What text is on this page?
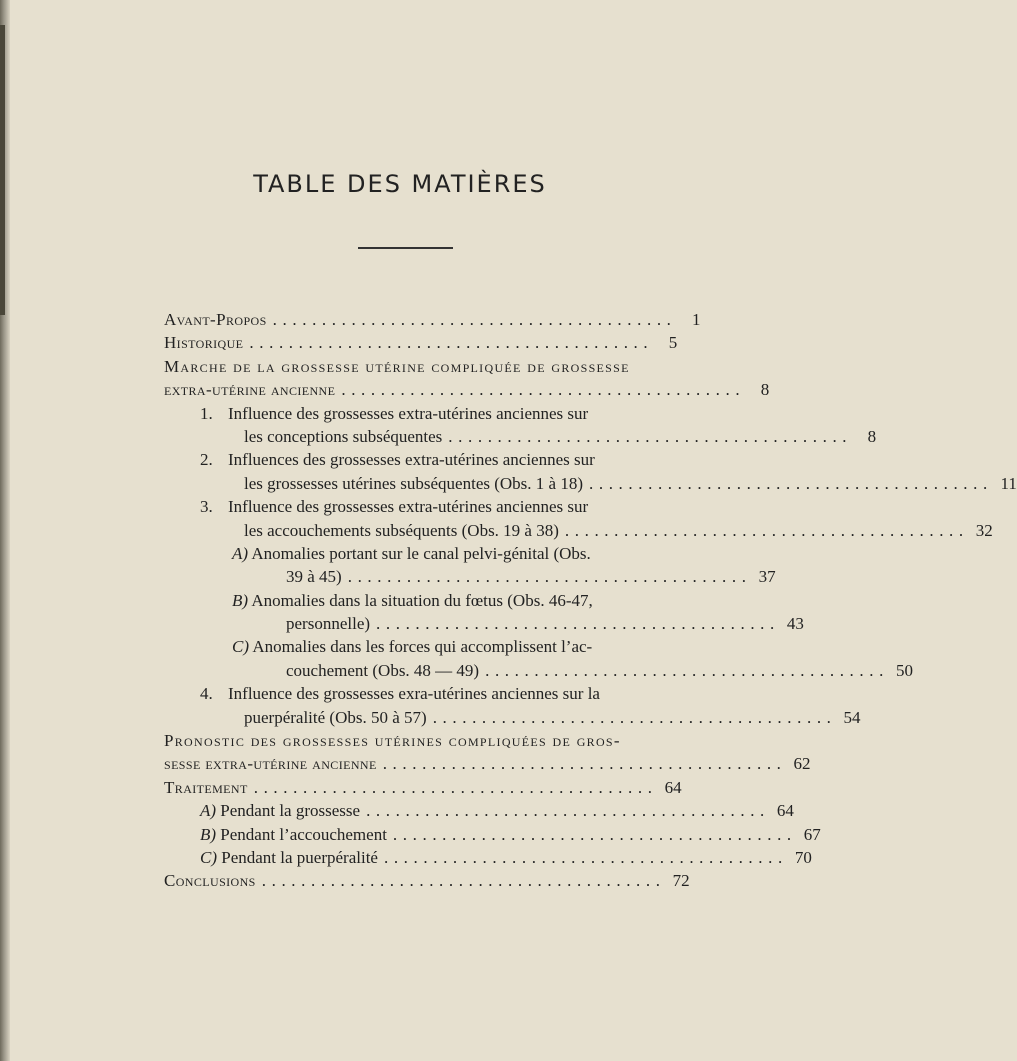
TABLE DES MATIÈRES
Avant-Propos ......................................... 1
Historique ......................................... 5
Marche de la grossesse utérine compliquée de grossesse
extra-utérine ancienne ......................................... 8
1. Influence des grossesses extra-utérines anciennes sur
les conceptions subséquentes ......................................... 8
2. Influences des grossesses extra-utérines anciennes sur
les grossesses utérines subséquentes (Obs. 1 à 18) ......................................... 11
3. Influence des grossesses extra-utérines anciennes sur
les accouchements subséquents (Obs. 19 à 38) ......................................... 32
A) Anomalies portant sur le canal pelvi-génital (Obs.
39 à 45) ......................................... 37
B) Anomalies dans la situation du fœtus (Obs. 46-47,
personnelle) ......................................... 43
C) Anomalies dans les forces qui accomplissent l’ac-
couchement (Obs. 48 — 49) ......................................... 50
4. Influence des grossesses exra-utérines anciennes sur la
puerpéralité (Obs. 50 à 57) ......................................... 54
Pronostic des grossesses utérines compliquées de gros-
sesse extra-utérine ancienne ......................................... 62
Traitement ......................................... 64
A) Pendant la grossesse ......................................... 64
B) Pendant l’accouchement ......................................... 67
C) Pendant la puerpéralité ......................................... 70
Conclusions ......................................... 72
